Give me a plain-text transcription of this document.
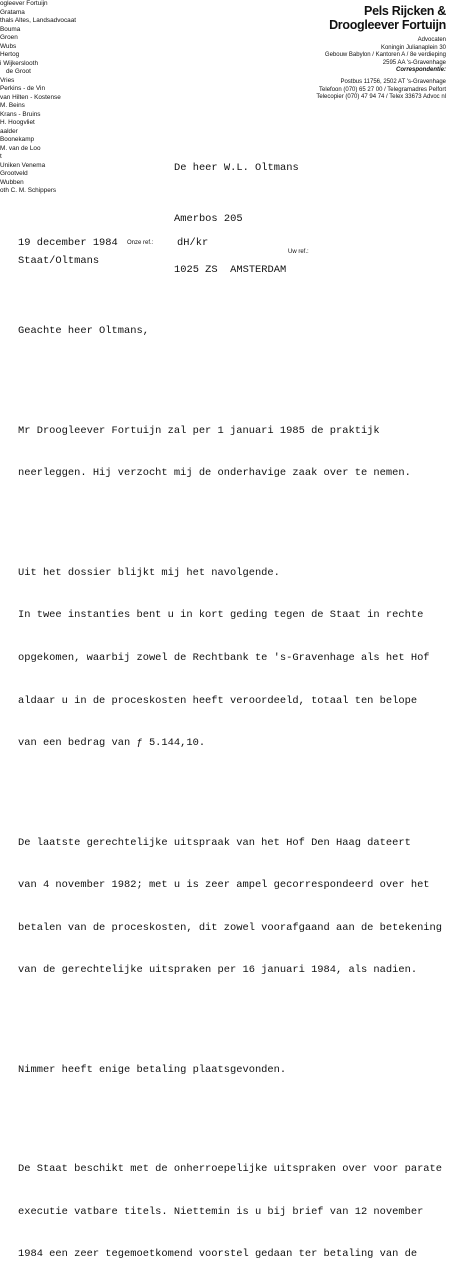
ogleever Fortuijn
Gratama
thals Altes, Landsadvocaat
Bouma
Groen
Wubs
Hertog
i Wijkerslooth
de Groot
Vries
Perkins - de Vin
van Hilten - Kostense
M. Beins
Krans - Bruins
H. Hoogvliet
aalder
Boonekamp
M. van de Loo
t
Uniken Venema
Grootveld
Wubben
oth C. M. Schippers
Pels Rijcken &
Droogleever Fortuijn
Advocaten
Koningin Julianaplein 30
Gebouw Babylon / Kantoren A / 8e verdieping
2595 AA 's-Gravenhage
Correspondentie:
Postbus 11756, 2502 AT 's-Gravenhage
Telefoon (070) 65 27 00 / Telegramadres Pelfort
Telecopier (070) 47 94 74 / Telex 33673 Advoc nl

De heer W.L. Oltmans

Amerbos 205

1025 ZS  AMSTERDAM

19 december 1984
Staat/Oltmans
Onze ref.: dH/kr
Uw ref.:

Geachte heer Oltmans,

Mr Droogleever Fortuijn zal per 1 januari 1985 de praktijk

neerleggen. Hij verzocht mij de onderhavige zaak over te nemen.

Uit het dossier blijkt mij het navolgende.

In twee instanties bent u in kort geding tegen de Staat in rechte

opgekomen, waarbij zowel de Rechtbank te 's-Gravenhage als het Hof

aldaar u in de proceskosten heeft veroordeeld, totaal ten belope

van een bedrag van ƒ 5.144,10.

De laatste gerechtelijke uitspraak van het Hof Den Haag dateert

van 4 november 1982; met u is zeer ampel gecorrespondeerd over het

betalen van de proceskosten, dit zowel voorafgaand aan de betekening

van de gerechtelijke uitspraken per 16 januari 1984, als nadien.

Nimmer heeft enige betaling plaatsgevonden.

De Staat beschikt met de onherroepelijke uitspraken over voor parate

executie vatbare titels. Niettemin is u bij brief van 12 november

1984 een zeer tegemoetkomend voorstel gedaan ter betaling van de
